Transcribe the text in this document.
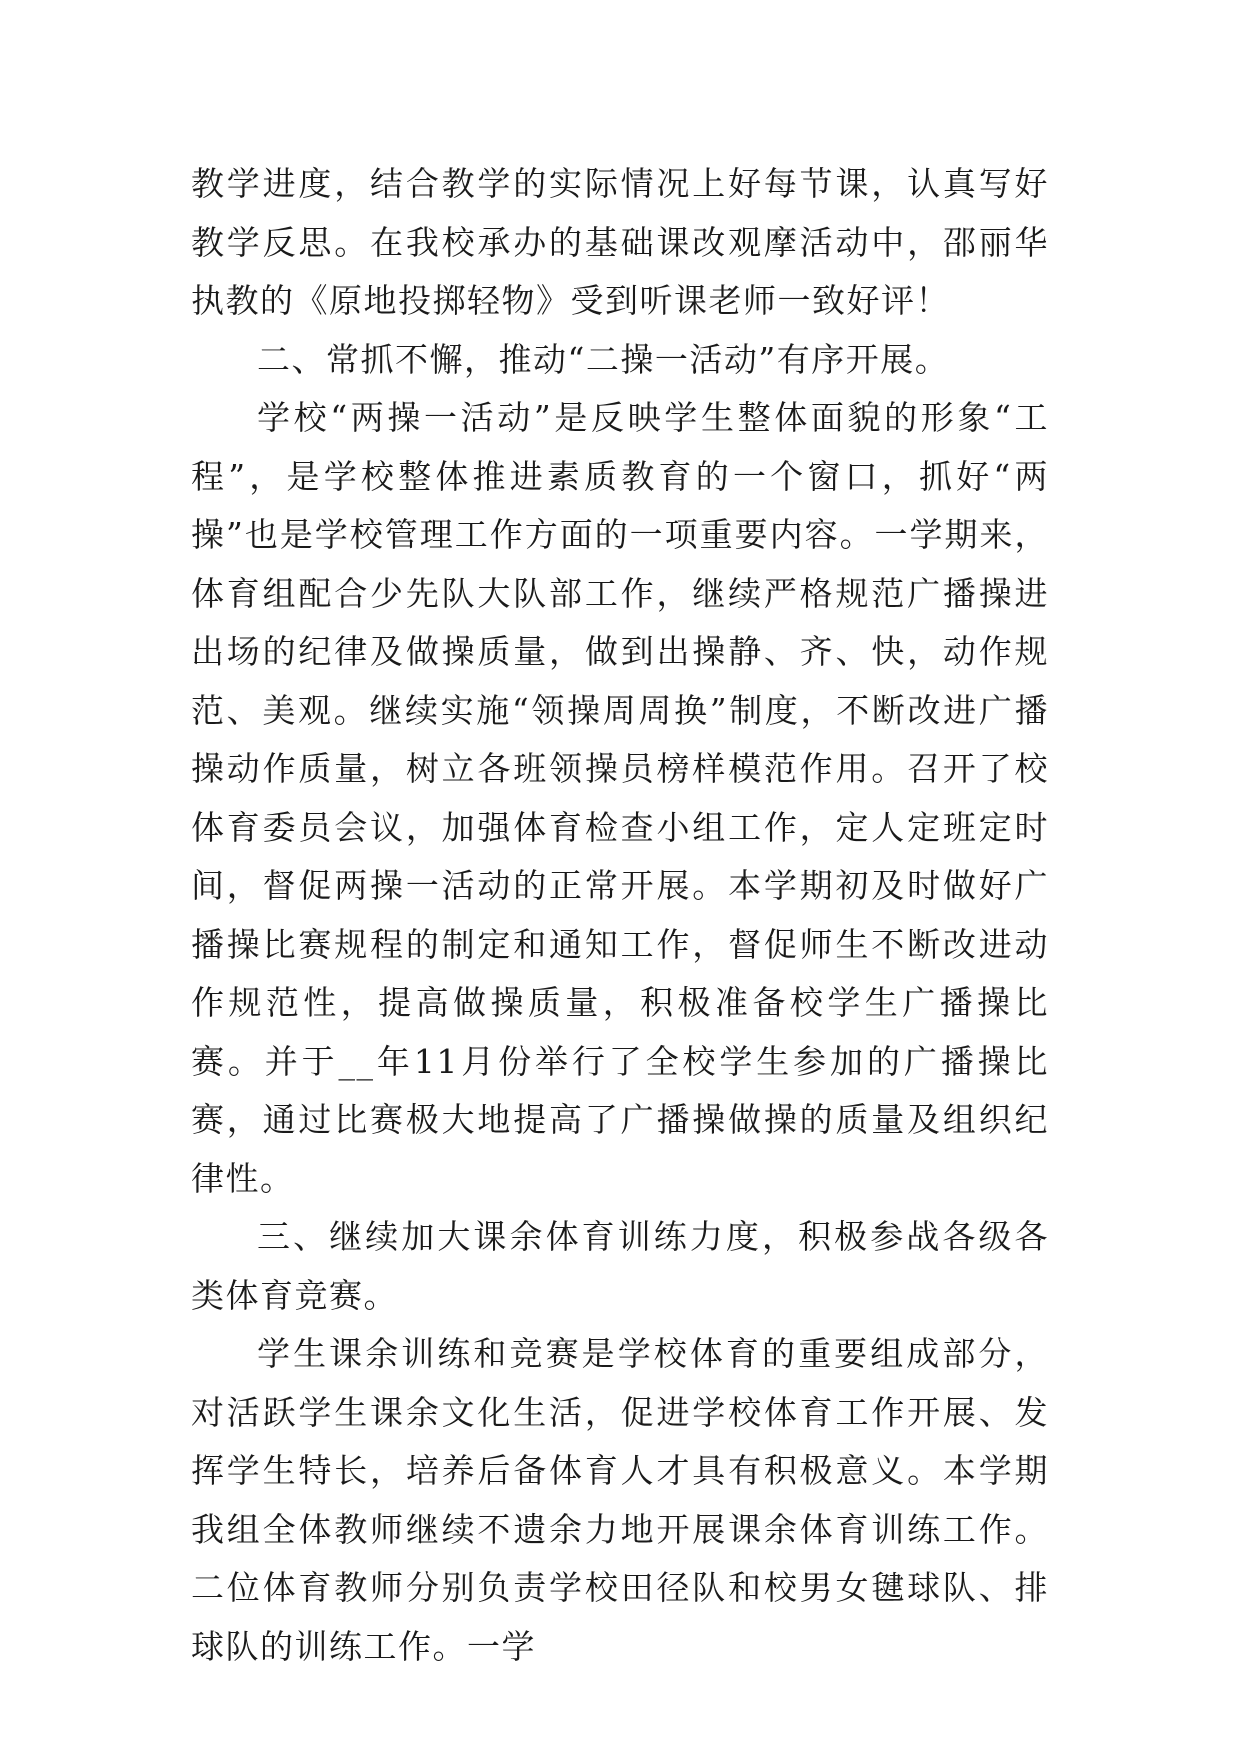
教学进度，结合教学的实际情况上好每节课，认真写好教学反思。在我校承办的基础课改观摩活动中，邵丽华执教的《原地投掷轻物》受到听课老师一致好评！

二、常抓不懈，推动“二操一活动”有序开展。

学校“两操一活动”是反映学生整体面貌的形象“工程”，是学校整体推进素质教育的一个窗口，抓好“两操”也是学校管理工作方面的一项重要内容。一学期来，体育组配合少先队大队部工作，继续严格规范广播操进出场的纪律及做操质量，做到出操静、齐、快，动作规范、美观。继续实施“领操周周换”制度，不断改进广播操动作质量，树立各班领操员榜样模范作用。召开了校体育委员会议，加强体育检查小组工作，定人定班定时间，督促两操一活动的正常开展。本学期初及时做好广播操比赛规程的制定和通知工作，督促师生不断改进动作规范性，提高做操质量，积极准备校学生广播操比赛。并于__年11月份举行了全校学生参加的广播操比赛，通过比赛极大地提高了广播操做操的质量及组织纪律性。

三、继续加大课余体育训练力度，积极参战各级各类体育竞赛。

学生课余训练和竞赛是学校体育的重要组成部分，对活跃学生课余文化生活，促进学校体育工作开展、发挥学生特长，培养后备体育人才具有积极意义。本学期我组全体教师继续不遗余力地开展课余体育训练工作。二位体育教师分别负责学校田径队和校男女毽球队、排球队的训练工作。一学
